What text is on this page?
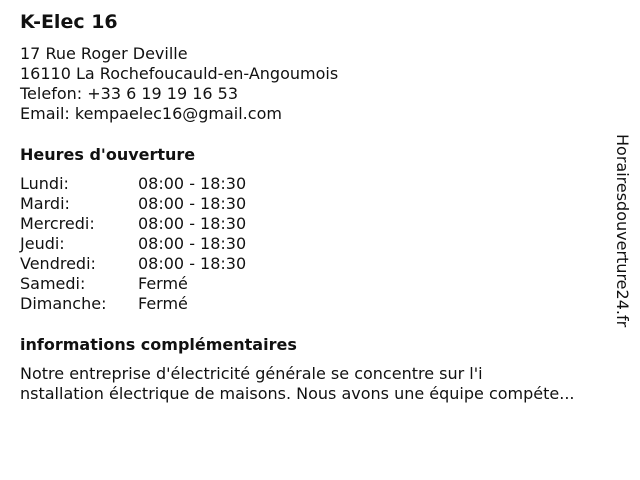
K-Elec 16
17 Rue Roger Deville
16110 La Rochefoucauld-en-Angoumois
Telefon: +33 6 19 19 16 53
Email: kempaelec16@gmail.com
Heures d'ouverture
Lundi:	08:00 - 18:30
Mardi:	08:00 - 18:30
Mercredi:	08:00 - 18:30
Jeudi:	08:00 - 18:30
Vendredi:	08:00 - 18:30
Samedi:	Fermé
Dimanche:	Fermé
informations complémentaires
Notre entreprise d'électricité générale se concentre sur l'i
nstallation électrique de maisons. Nous avons une équipe compéte...
Horairesdouverture24.fr
